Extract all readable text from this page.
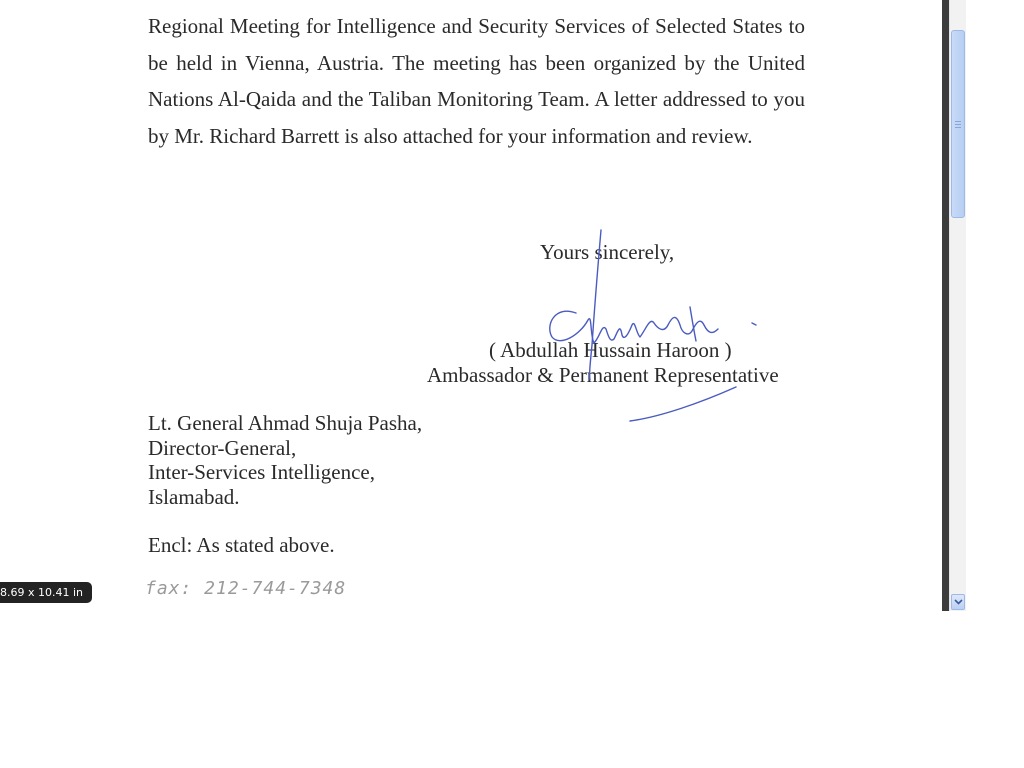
Regional Meeting for Intelligence and Security Services of Selected States to be held in Vienna, Austria. The meeting has been organized by the United Nations Al-Qaida and the Taliban Monitoring Team. A letter addressed to you by Mr. Richard Barrett is also attached for your information and review.

Yours sincerely,
( Abdullah Hussain Haroon )
Ambassador & Permanent Representative
Lt. General Ahmad Shuja Pasha,
Director-General,
Inter-Services Intelligence,
Islamabad.
Encl: As stated above.
fax: 212-744-7348
8.69 x 10.41 in
